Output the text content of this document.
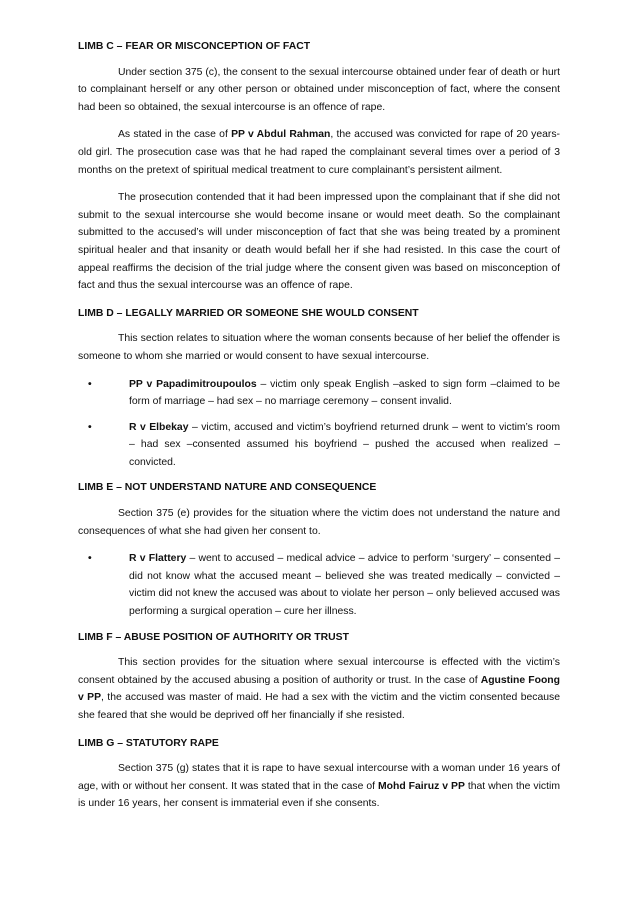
LIMB C – FEAR OR MISCONCEPTION OF FACT

Under section 375 (c), the consent to the sexual intercourse obtained under fear of death or hurt to complainant herself or any other person or obtained under misconception of fact, where the consent had been so obtained, the sexual intercourse is an offence of rape.

As stated in the case of PP v Abdul Rahman, the accused was convicted for rape of 20 years-old girl. The prosecution case was that he had raped the complainant several times over a period of 3 months on the pretext of spiritual medical treatment to cure complainant’s persistent ailment.

The prosecution contended that it had been impressed upon the complainant that if she did not submit to the sexual intercourse she would become insane or would meet death. So the complainant submitted to the accused’s will under misconception of fact that she was being treated by a prominent spiritual healer and that insanity or death would befall her if she had resisted. In this case the court of appeal reaffirms the decision of the trial judge where the consent given was based on misconception of fact and thus the sexual intercourse was an offence of rape.

LIMB D – LEGALLY MARRIED OR SOMEONE SHE WOULD CONSENT

This section relates to situation where the woman consents because of her belief the offender is someone to whom she married or would consent to have sexual intercourse.

•	PP v Papadimitroupoulos – victim only speak English –asked to sign form –claimed to be form of marriage – had sex – no marriage ceremony – consent invalid.
•	R v Elbekay – victim, accused and victim’s boyfriend returned drunk – went to victim’s room – had sex –consented assumed his boyfriend – pushed the accused when realized – convicted.
LIMB E – NOT UNDERSTAND NATURE AND CONSEQUENCE

Section 375 (e) provides for the situation where the victim does not understand the nature and consequences of what she had given her consent to.

•	R v Flattery – went to accused – medical advice – advice to perform ‘surgery’ – consented – did not know what the accused meant – believed she was treated medically – convicted – victim did not knew the accused was about to violate her person – only believed accused was performing a surgical operation – cure her illness.
LIMB F – ABUSE POSITION OF AUTHORITY OR TRUST

This section provides for the situation where sexual intercourse is effected with the victim’s consent obtained by the accused abusing a position of authority or trust. In the case of Agustine Foong v PP, the accused was master of maid. He had a sex with the victim and the victim consented because she feared that she would be deprived off her financially if she resisted.

LIMB G – STATUTORY RAPE

Section 375 (g) states that it is rape to have sexual intercourse with a woman under 16 years of age, with or without her consent. It was stated that in the case of Mohd Fairuz v PP that when the victim is under 16 years, her consent is immaterial even if she consents.
